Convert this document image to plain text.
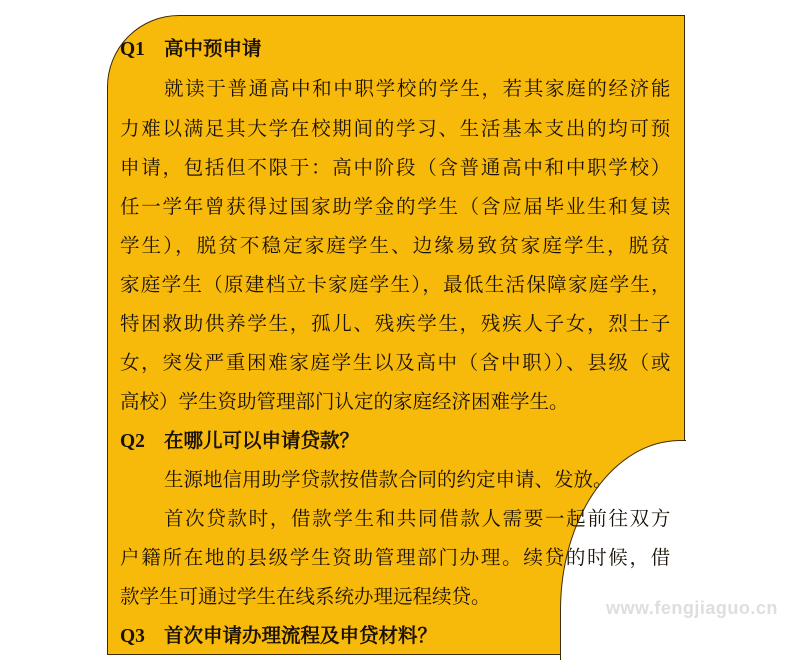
Q1 高中预申请
就读于普通高中和中职学校的学生，若其家庭的经济能
力难以满足其大学在校期间的学习、生活基本支出的均可预
申请，包括但不限于：高中阶段（含普通高中和中职学校）
任一学年曾获得过国家助学金的学生（含应届毕业生和复读
学生），脱贫不稳定家庭学生、边缘易致贫家庭学生，脱贫
家庭学生（原建档立卡家庭学生），最低生活保障家庭学生，
特困救助供养学生，孤儿、残疾学生，残疾人子女，烈士子
女，突发严重困难家庭学生以及高中（含中职））、县级（或
高校）学生资助管理部门认定的家庭经济困难学生。
Q2 在哪儿可以申请贷款？
生源地信用助学贷款按借款合同的约定申请、发放。
首次贷款时，借款学生和共同借款人需要一起前往双方
户籍所在地的县级学生资助管理部门办理。续贷的时候，借
款学生可通过学生在线系统办理远程续贷。
Q3 首次申请办理流程及申贷材料？
www.fengjiaguo.cn
